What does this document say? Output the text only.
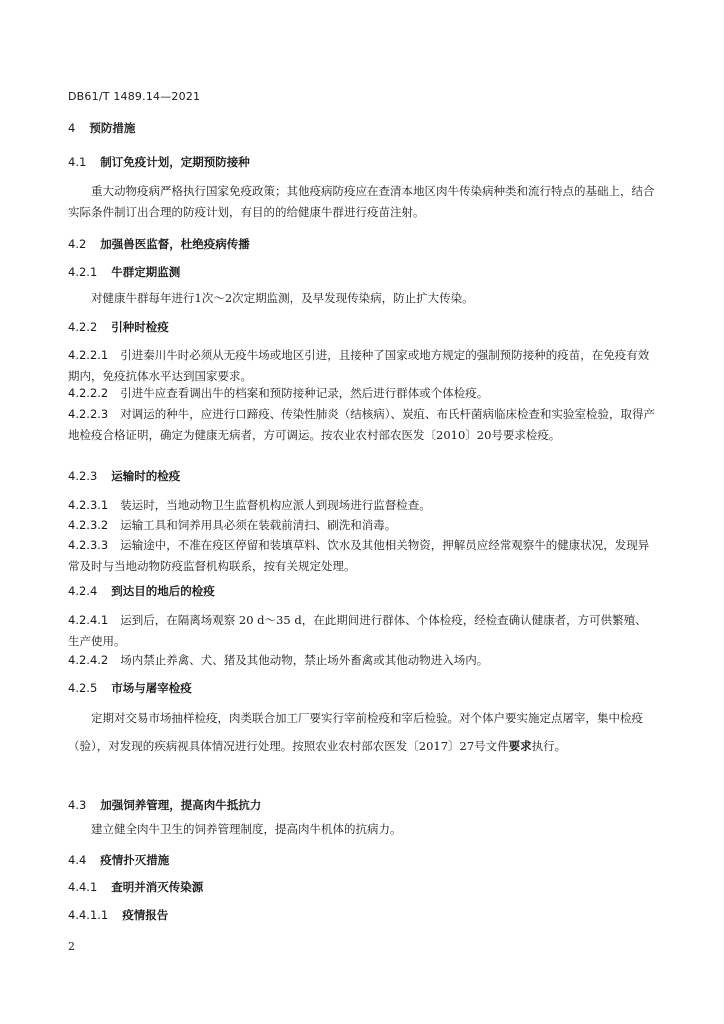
DB61/T 1489.14—2021
4 预防措施
4.1 制订免疫计划，定期预防接种
重大动物疫病严格执行国家免疫政策；其他疫病防疫应在查清本地区肉牛传染病种类和流行特点的基础上，结合实际条件制订出合理的防疫计划，有目的的给健康牛群进行疫苗注射。
4.2 加强兽医监督，杜绝疫病传播
4.2.1 牛群定期监测
对健康牛群每年进行1次～2次定期监测，及早发现传染病，防止扩大传染。
4.2.2 引种时检疫
4.2.2.1 引进秦川牛时必须从无疫牛场或地区引进，且接种了国家或地方规定的强制预防接种的疫苗，在免疫有效期内，免疫抗体水平达到国家要求。
4.2.2.2 引进牛应查看调出牛的档案和预防接种记录，然后进行群体或个体检疫。
4.2.2.3 对调运的种牛，应进行口蹄疫、传染性肺炎（结核病）、炭疽、布氏杆菌病临床检查和实验室检验，取得产地检疫合格证明，确定为健康无病者，方可调运。按农业农村部农医发〔2010〕20号要求检疫。
4.2.3 运输时的检疫
4.2.3.1 装运时，当地动物卫生监督机构应派人到现场进行监督检查。
4.2.3.2 运输工具和饲养用具必须在装载前清扫、刷洗和消毒。
4.2.3.3 运输途中，不准在疫区停留和装填草料、饮水及其他相关物资，押解员应经常观察牛的健康状况，发现异常及时与当地动物防疫监督机构联系，按有关规定处理。
4.2.4 到达目的地后的检疫
4.2.4.1 运到后，在隔离场观察 20 d～35 d，在此期间进行群体、个体检疫，经检查确认健康者，方可供繁殖、生产使用。
4.2.4.2 场内禁止养禽、犬、猪及其他动物，禁止场外畜禽或其他动物进入场内。
4.2.5 市场与屠宰检疫
定期对交易市场抽样检疫，肉类联合加工厂要实行宰前检疫和宰后检验。对个体户要实施定点屠宰，集中检疫（验），对发现的疾病视具体情况进行处理。按照农业农村部农医发〔2017〕27号文件要求执行。
4.3 加强饲养管理，提高肉牛抵抗力
建立健全肉牛卫生的饲养管理制度，提高肉牛机体的抗病力。
4.4 疫情扑灭措施
4.4.1 查明并消灭传染源
4.4.1.1 疫情报告
2
